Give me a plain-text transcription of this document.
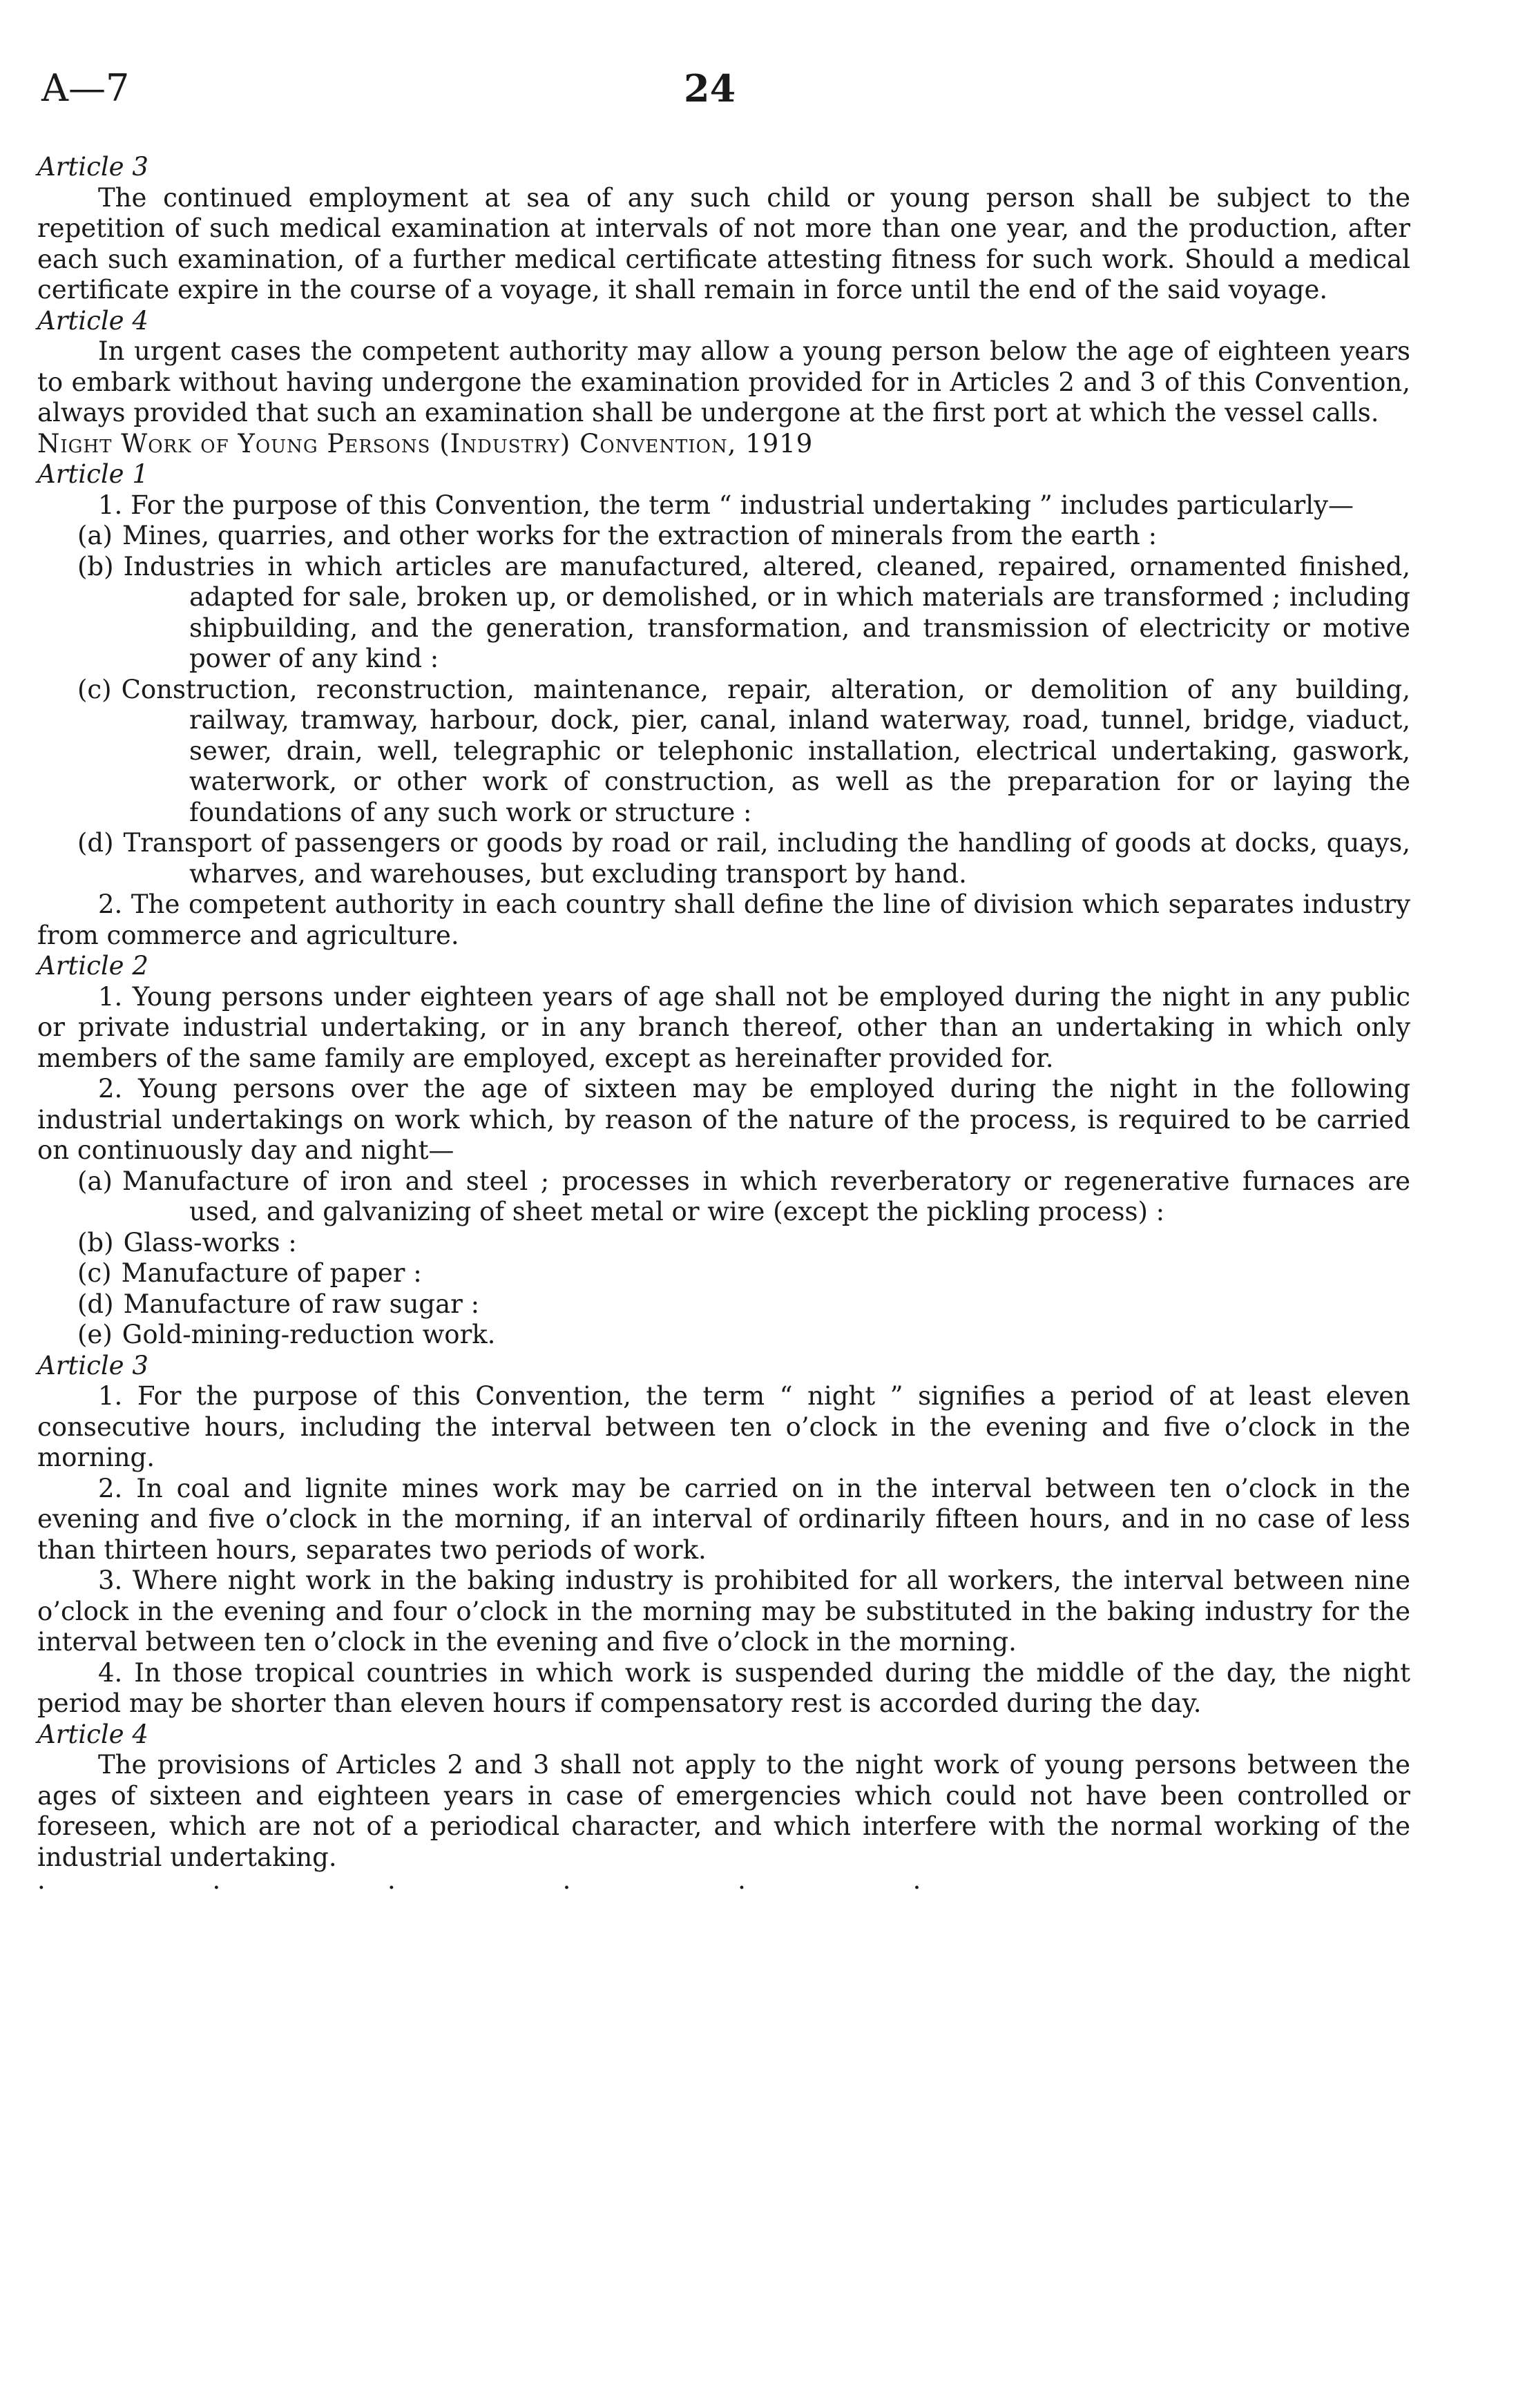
A—7	24

Article 3

The continued employment at sea of any such child or young person shall be subject to the repetition of such medical examination at intervals of not more than one year, and the production, after each such examination, of a further medical certificate attesting fitness for such work. Should a medical certificate expire in the course of a voyage, it shall remain in force until the end of the said voyage.

Article 4

In urgent cases the competent authority may allow a young person below the age of eighteen years to embark without having undergone the examination provided for in Articles 2 and 3 of this Convention, always provided that such an examination shall be undergone at the first port at which the vessel calls.

Night Work of Young Persons (Industry) Convention, 1919

Article 1

1. For the purpose of this Convention, the term “ industrial undertaking ” includes particularly—

(a) Mines, quarries, and other works for the extraction of minerals from the earth :

(b) Industries in which articles are manufactured, altered, cleaned, repaired, ornamented finished, adapted for sale, broken up, or demolished, or in which materials are transformed ; including shipbuilding, and the generation, transformation, and transmission of electricity or motive power of any kind :

(c) Construction, reconstruction, maintenance, repair, alteration, or demolition of any building, railway, tramway, harbour, dock, pier, canal, inland waterway, road, tunnel, bridge, viaduct, sewer, drain, well, telegraphic or telephonic installation, electrical undertaking, gaswork, waterwork, or other work of construction, as well as the preparation for or laying the foundations of any such work or structure :

(d) Transport of passengers or goods by road or rail, including the handling of goods at docks, quays, wharves, and warehouses, but excluding transport by hand.

2. The competent authority in each country shall define the line of division which separates industry from commerce and agriculture.

Article 2

1. Young persons under eighteen years of age shall not be employed during the night in any public or private industrial undertaking, or in any branch thereof, other than an undertaking in which only members of the same family are employed, except as hereinafter provided for.

2. Young persons over the age of sixteen may be employed during the night in the following industrial undertakings on work which, by reason of the nature of the process, is required to be carried on continuously day and night—

(a) Manufacture of iron and steel ; processes in which reverberatory or regenerative furnaces are used, and galvanizing of sheet metal or wire (except the pickling process) :

(b) Glass-works :

(c) Manufacture of paper :

(d) Manufacture of raw sugar :

(e) Gold-mining-reduction work.

Article 3

1. For the purpose of this Convention, the term “ night ” signifies a period of at least eleven consecutive hours, including the interval between ten o’clock in the evening and five o’clock in the morning.

2. In coal and lignite mines work may be carried on in the interval between ten o’clock in the evening and five o’clock in the morning, if an interval of ordinarily fifteen hours, and in no case of less than thirteen hours, separates two periods of work.

3. Where night work in the baking industry is prohibited for all workers, the interval between nine o’clock in the evening and four o’clock in the morning may be substituted in the baking industry for the interval between ten o’clock in the evening and five o’clock in the morning.

4. In those tropical countries in which work is suspended during the middle of the day, the night period may be shorter than eleven hours if compensatory rest is accorded during the day.

Article 4

The provisions of Articles 2 and 3 shall not apply to the night work of young persons between the ages of sixteen and eighteen years in case of emergencies which could not have been controlled or foreseen, which are not of a periodical character, and which interfere with the normal working of the industrial undertaking.

· · · · · ·
